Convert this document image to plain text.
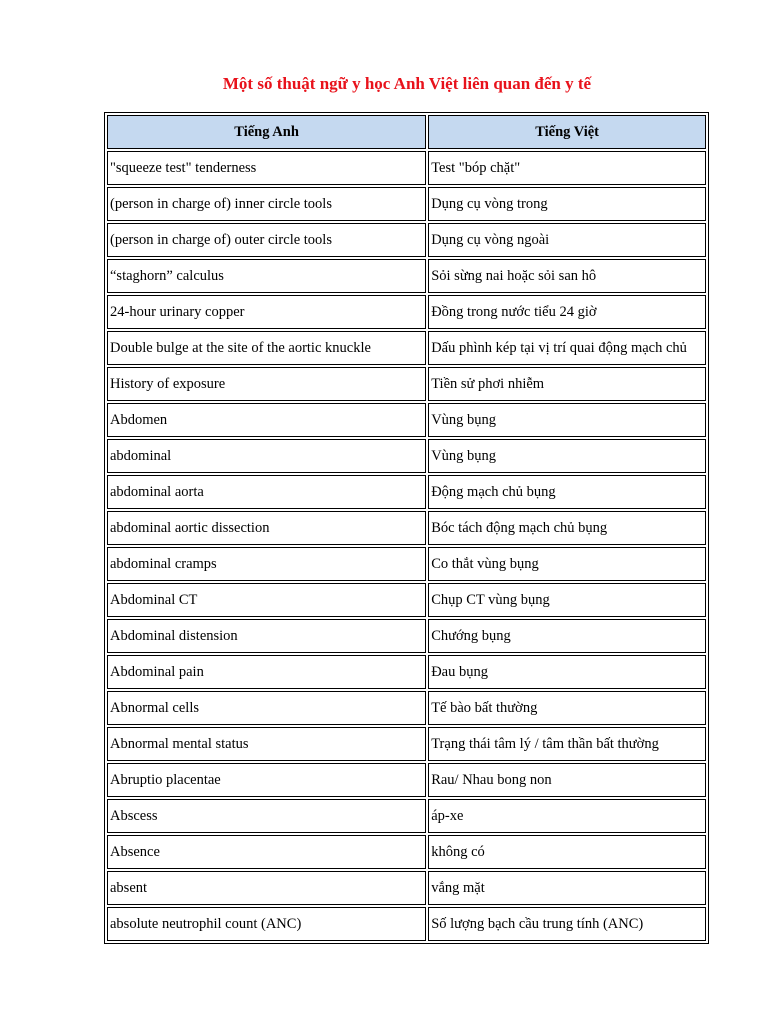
Một số thuật ngữ y học Anh Việt liên quan đến y tế
Tiếng Anh	Tiếng Việt
"squeeze test" tenderness	Test "bóp chặt"
(person in charge of) inner circle tools	Dụng cụ vòng trong
(person in charge of) outer circle tools	Dụng cụ vòng ngoài
“staghorn” calculus	Sỏi sừng nai hoặc sỏi san hô
24-hour urinary copper	Đồng trong nước tiểu 24 giờ
Double bulge at the site of the aortic knuckle	Dấu phình kép tại vị trí quai động mạch chủ
History of exposure	Tiền sử phơi nhiễm
Abdomen	Vùng bụng
abdominal	Vùng bụng
abdominal aorta	Động mạch chủ bụng
abdominal aortic dissection	Bóc tách động mạch chủ bụng
abdominal cramps	Co thắt vùng bụng
Abdominal CT	Chụp CT vùng bụng
Abdominal distension	Chướng bụng
Abdominal pain	Đau bụng
Abnormal cells	Tế bào bất thường
Abnormal mental status	Trạng thái tâm lý / tâm thần bất thường
Abruptio placentae	Rau/ Nhau bong non
Abscess	áp-xe
Absence	không có
absent	vắng mặt
absolute neutrophil count (ANC)	Số lượng bạch cầu trung tính (ANC)
